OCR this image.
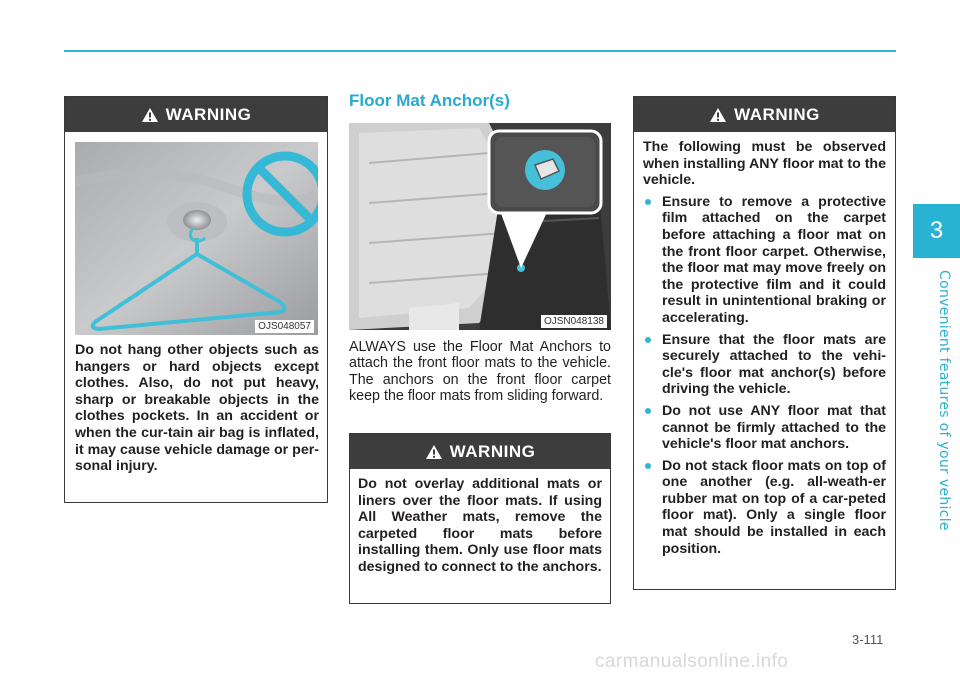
WARNING
OJS048057
Do not hang other objects such as hangers or hard objects except clothes. Also, do not put heavy, sharp or breakable objects in the clothes pockets. In an accident or when the cur-tain air bag is inflated, it may cause vehicle damage or per-sonal injury.
Floor Mat Anchor(s)
OJSN048138
ALWAYS use the Floor Mat Anchors to attach the front floor mats to the vehicle. The anchors on the front floor carpet keep the floor mats from sliding forward.
WARNING
Do not overlay additional mats or liners over the floor mats. If using All Weather mats, remove the carpeted floor mats before installing them. Only use floor mats designed to connect to the anchors.
WARNING
The following must be observed when installing ANY floor mat to the vehicle.
Ensure to remove a protective film attached on the carpet before attaching a floor mat on the front floor carpet. Otherwise, the floor mat may move freely on the protective film and it could result in unintentional braking or accelerating.
Ensure that the floor mats are securely attached to the vehi-cle's floor mat anchor(s) before driving the vehicle.
Do not use ANY floor mat that cannot be firmly attached to the vehicle's floor mat anchors.
Do not stack floor mats on top of one another (e.g. all-weath-er rubber mat on top of a car-peted floor mat). Only a single floor mat should be installed in each position.
3
Convenient features of your vehicle
3-111
carmanualsonline.info
